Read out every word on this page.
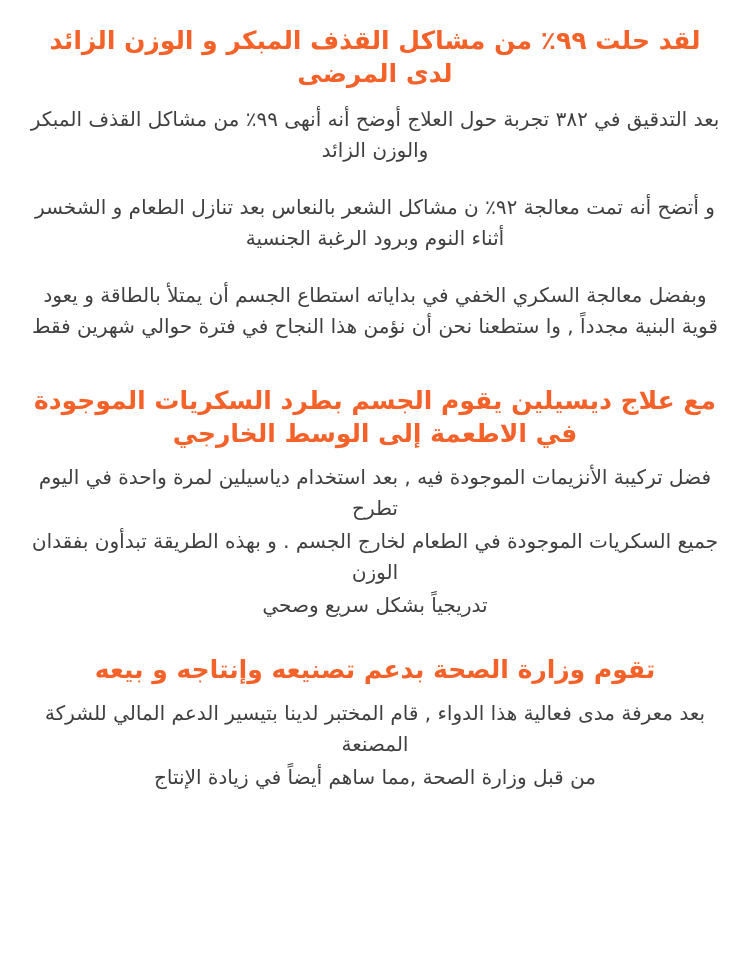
لقد حلت ٩٩٪ من مشاكل القذف المبكر و الوزن الزائد لدى المرضى

بعد التدقيق في ٣٨٢ تجربة حول العلاج أوضح أنه أنهى ٩٩٪ من مشاكل القذف المبكر والوزن الزائد

و أتضح أنه تمت معالجة ٩٢٪ ن مشاكل الشعر بالنعاس بعد تنازل الطعام و الشخسر أثناء النوم وبرود الرغبة الجنسية

وبفضل معالجة السكري الخفي في بداياته استطاع الجسم أن يمتلأ بالطاقة و يعود قوية البنية مجدداً , وا ستطعنا نحن أن نؤمن هذا النجاح في فترة حوالي شهرين فقط

مع علاج ديسيلين يقوم الجسم بطرد السكريات الموجودة في الاطعمة إلى الوسط الخارجي

فضل تركيبة الأنزيمات الموجودة فيه , بعد استخدام دياسيلين لمرة واحدة في اليوم تطرح

جميع السكريات الموجودة في الطعام لخارج الجسم . و بهذه الطريقة تبدأون بفقدان الوزن

تدريجياً بشكل سريع وصحي

تقوم وزارة الصحة بدعم تصنيعه وإنتاجه و بيعه

بعد معرفة مدى فعالية هذا الدواء , قام المختبر لدينا بتيسير الدعم المالي للشركة المصنعة

من قبل وزارة الصحة ,مما ساهم أيضاً في زيادة الإنتاج
